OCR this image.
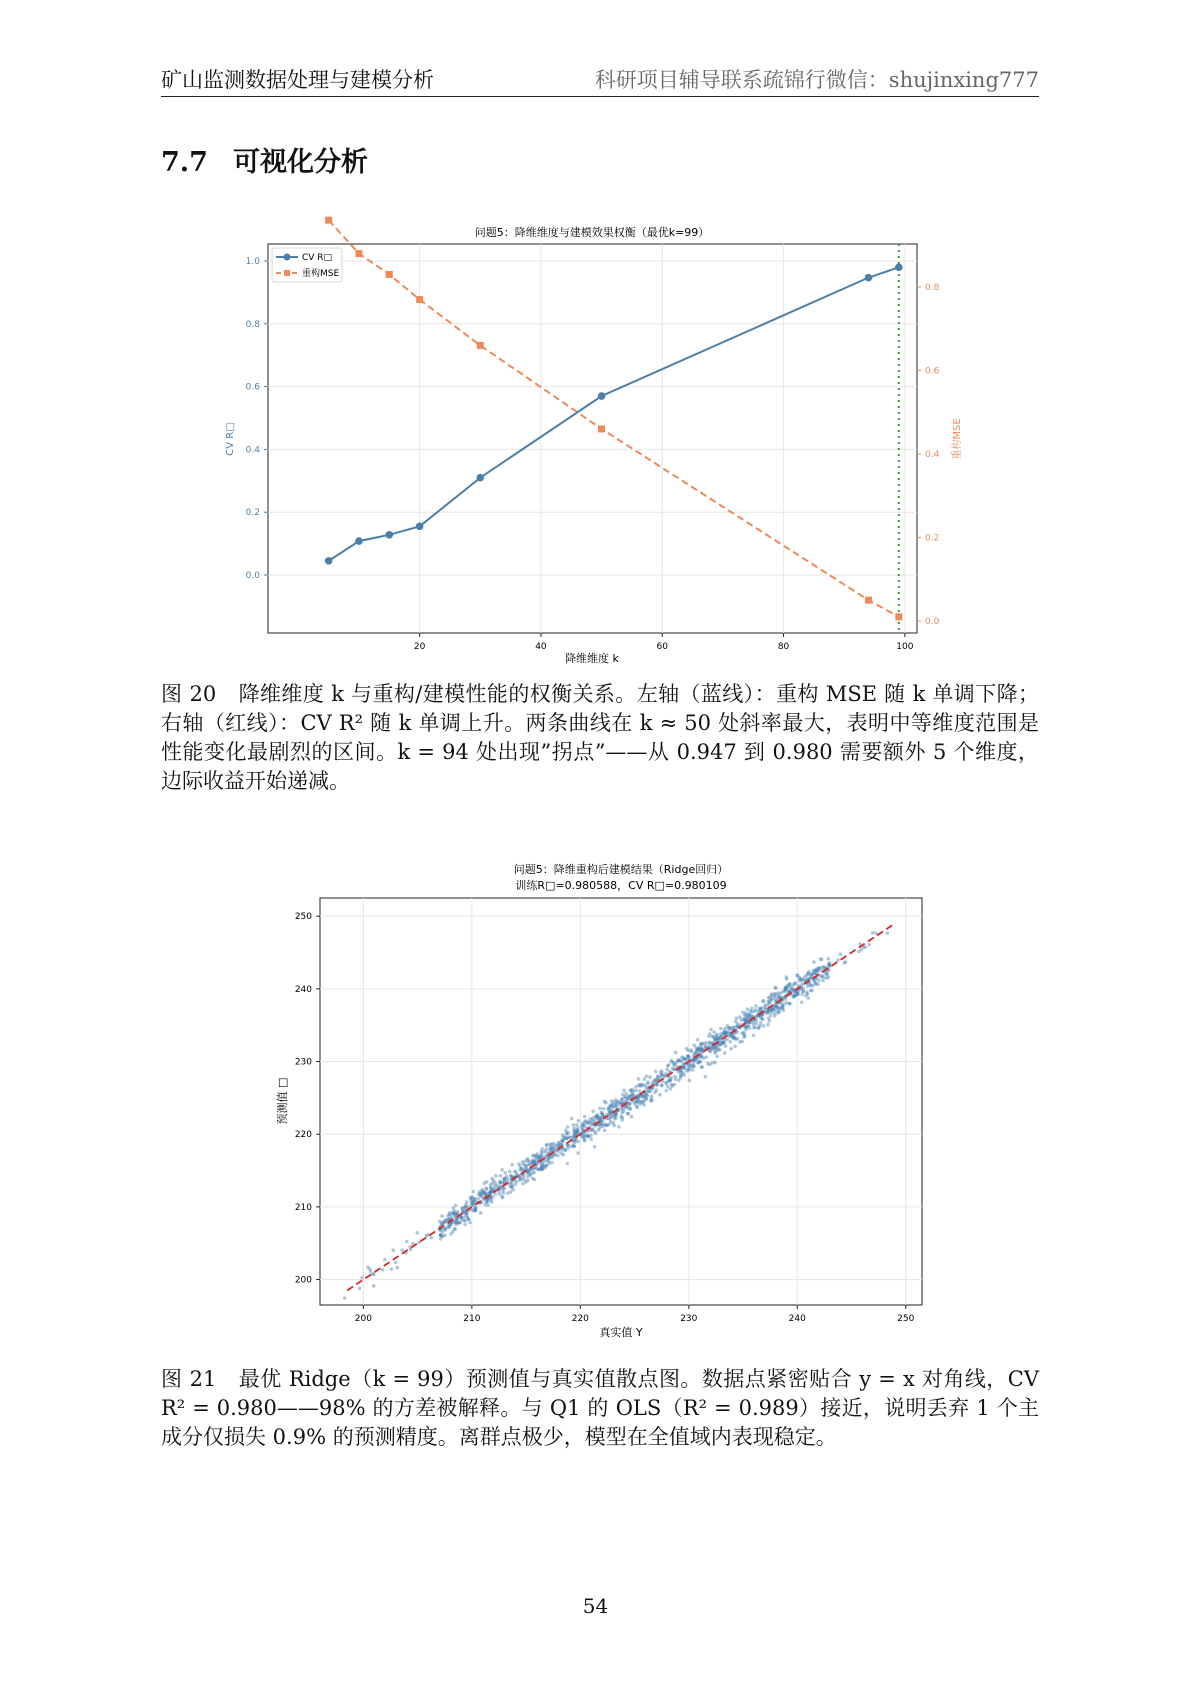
矿山监测数据处理与建模分析	科研项目辅导联系疏锦行微信：shujinxing777
7.7 可视化分析
20	40	60	80	100
0.0
0.2
0.4
0.6
0.8
1.0
0.0
0.2
0.4
0.6
0.8
问题5：降维维度与建模效果权衡（最优k=99）
降维维度 k
CV R□	重构MSE
CV R□
重构MSE
图 20 降维维度 k 与重构/建模性能的权衡关系。左轴（蓝线）：重构 MSE 随 k 单调下降；右轴（红线）：CV R² 随 k 单调上升。两条曲线在 k ≈ 50 处斜率最大，表明中等维度范围是性能变化最剧烈的区间。k = 94 处出现”拐点”——从 0.947 到 0.980 需要额外 5 个维度，边际收益开始递减。
200	210	220	230	240	250
200
210
220
230
240
250
问题5：降维重构后建模结果（Ridge回归）
训练R□=0.980588，CV R□=0.980109
真实值 Y
预测值 □
图 21 最优 Ridge（k = 99）预测值与真实值散点图。数据点紧密贴合 y = x 对角线，CV R² = 0.980——98% 的方差被解释。与 Q1 的 OLS（R² = 0.989）接近，说明丢弃 1 个主成分仅损失 0.9% 的预测精度。离群点极少，模型在全值域内表现稳定。
54
